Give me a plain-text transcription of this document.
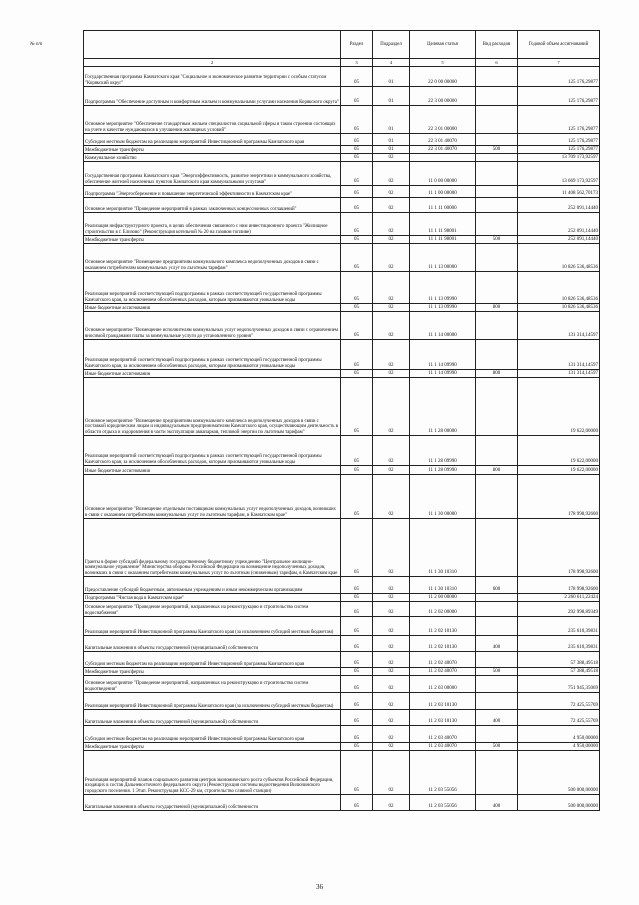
№ п/п
		Раздел	Подраздел	Целевая статья	Вид расходов	Годовой объем ассигнований
2	3	4	5	6	7
Государственная программа Камчатского края "Социальное и экономическое развитие территории с особым статусом "Корякский округ"	05	01	22 0 00 00000		125 176,29877
Подпрограмма "Обеспечение доступным и комфортным жильем и коммунальными услугами населения Корякского округа"	05	01	22 3 00 00000		125 176,29877
Основное мероприятие "Обеспечение стандартным жильем специалистов социальной сферы в таком строении состоящих на учете в качестве нуждающихся в улучшении жилищных условий"	05	01	22 3 01 00000		125 176,29877
Субсидии местным бюджетам на реализацию мероприятий Инвестиционной программы Камчатского края	05	01	22 3 01 40070		125 176,29877
Межбюджетные трансферты	05	01	22 3 01 40070	500	125 176,29877
Коммунальное хозяйство	05	02			13 709 173,92597
Государственная программа Камчатского края "Энергоэффективность, развитие энергетики и коммунального хозяйства, обеспечение жителей населенных пунктов Камчатского края коммунальными услугами"	05	02	11 0 00 00000		13 669 173,92597
Подпрограмма "Энергосбережение и повышение энергетической эффективности в Камчатском крае"	05	02	11 1 00 00000		11 408 562,70173
Основное мероприятие "Проведение мероприятий в рамках заключенных концессионных соглашений"	05	02	11 1 11 00000		252 091,14440
Реализация инфраструктурного проекта, в целях обеспечения связанного с ним инвестиционного проекта "Жилищное строительство в г. Елизово" (Реконструкция котельной № 20 на газовом топливе)	05	02	11 1 11 98001		252 091,14440
Межбюджетные трансферты	05	02	11 1 11 98001	500	252 091,14440
Основное мероприятие "Возмещение предприятиям коммунального комплекса недополученных доходов в связи с оказанием потребителям коммунальных услуг по льготным тарифам"	05	02	11 1 13 00000		10 826 536,48536
Реализация мероприятий соответствующей подпрограммы в рамках соответствующей государственной программы Камчатского края, за исключением обособленных расходов, которым присваиваются уникальные коды	05	02	11 1 13 09990		10 826 536,48536
Иные бюджетные ассигнования	05	02	11 1 13 09990	800	10 826 536,48536
Основное мероприятие "Возмещение исполнителям коммунальных услуг недополученных доходов в связи с ограничением вносимой гражданами платы за коммунальные услуги до установленного уровня"	05	02	11 1 14 00000		131 314,14597
Реализация мероприятий соответствующей подпрограммы в рамках соответствующей государственной программы Камчатского края, за исключением обособленных расходов, которым присваиваются уникальные коды	05	02	11 1 14 09990		131 314,14597
Иные бюджетные ассигнования	05	02	11 1 14 09990	800	131 314,14597
Основное мероприятие "Возмещение предприятиям коммунального комплекса недополученных доходов в связи с поставкой юридическим лицам и индивидуальным предпринимателям Камчатского края, осуществляющим деятельность в области отдыха и оздоровления в части эксплуатации аквапарков, тепловой энергии по льготным тарифам"	05	02	11 1 28 00000		19 622,00000
Реализация мероприятий соответствующей подпрограммы в рамках соответствующей государственной программы Камчатского края, за исключением обособленных расходов, которым присваиваются уникальные коды	05	02	11 1 28 09990		19 622,00000
Иные бюджетные ассигнования	05	02	11 1 28 09990	800	19 622,00000
Основное мероприятие "Возмещение отдельным поставщикам коммунальных услуг недополученных доходов, возникших в связи с оказанием потребителям коммунальных услуг по льготным тарифам, в Камчатском крае"	05	02	11 1 30 00000		178 998,92600
Гранты в форме субсидий федеральному государственному бюджетному учреждению "Центральное жилищно-коммунальное управление" Министерства обороны Российской Федерации на возмещение недополученных доходов, возникших в связи с оказанием потребителям коммунальных услуг по льготным (сниженным) тарифам, в Камчатском крае	05	02	11 1 30 10310		178 998,92600
Предоставление субсидий бюджетным, автономным учреждениям и иным некоммерческим организациям	05	02	11 1 30 10310	600	178 998,92600
Подпрограмма "Чистая вода в Камчатском крае"	05	02	11 2 00 00000		2 260 611,22424
Основное мероприятие "Проведение мероприятий, направленных на реконструкцию и строительство систем водоснабжения"	05	02	11 2 02 00000		292 998,89349
Реализация мероприятий Инвестиционной программы Камчатского края (за исключением субсидий местным бюджетам)	05	02	11 2 02 10130		235 610,39831
Капитальные вложения в объекты государственной (муниципальной) собственности	05	02	11 2 02 10130	400	235 610,39831
Субсидии местным бюджетам на реализацию мероприятий Инвестиционной программы Камчатского края	05	02	11 2 02 40070		57 388,49518
Межбюджетные трансферты	05	02	11 2 02 40070	500	57 388,49518
Основное мероприятие "Проведение мероприятий, направленных на реконструкцию и строительство систем водоотведения"	05	02	11 2 03 00000		751 945,35069
Реализация мероприятий Инвестиционной программы Камчатского края (за исключением субсидий местным бюджетам)	05	02	11 2 03 10130		72 425,55769
Капитальные вложения в объекты государственной (муниципальной) собственности	05	02	11 2 03 10130	400	72 425,55769
Субсидии местным бюджетам на реализацию мероприятий Инвестиционной программы Камчатского края	05	02	11 2 03 40070		4 950,00000
Межбюджетные трансферты	05	02	11 2 03 40070	500	4 950,00000
Реализация мероприятий планов социального развития центров экономического роста субъектов Российской Федерации, входящих в состав Дальневосточного федерального округа (Реконструкция системы водоотведения Вилючинского городского поселения. 1 Этап. Реконструкция КСС-29 км, строительство сливной станции)	05	02	11 2 03 55056		500 000,00000
Капитальные вложения в объекты государственной (муниципальной) собственности	05	02	11 2 03 55056	400	500 000,00000
36
